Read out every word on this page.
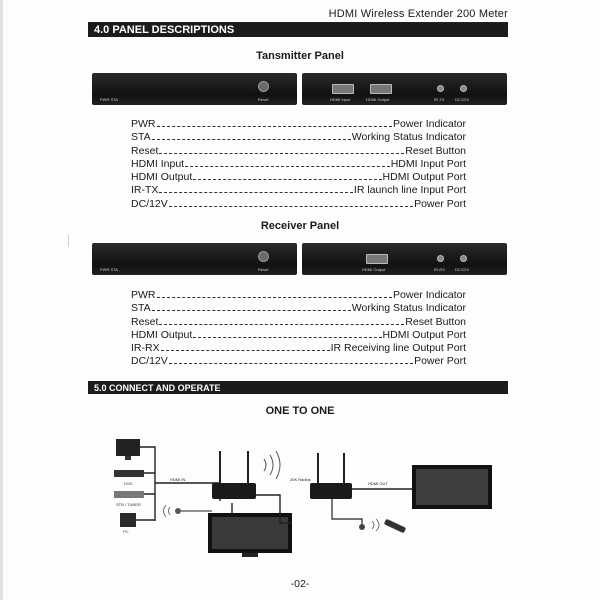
HDMI Wireless Extender 200 Meter
4.0 PANEL DESCRIPTIONS
Tansmitter Panel
PWR STA	Reset	HDMI Input	HDMI Output	IR-TX	DC/12V
PWR	Power Indicator
STA	Working Status Indicator
Reset	Reset Button
HDMI Input	HDMI Input Port
HDMI Output	HDMI Output Port
IR-TX	IR launch line Input Port
DC/12V	Power Port
Receiver Panel
PWR STA	Reset	HDMI Output	IR-RX	DC/12V
PWR	Power Indicator
STA	Working Status Indicator
Reset	Reset Button
HDMI Output	HDMI Output Port
IR-RX	IR Receiving line Output Port
DC/12V	Power Port
5.0 CONNECT AND OPERATE
ONE TO ONE
DVD
STB / TUNER
PC
HDMI IN	20K Radius
HDMI OUT
-02-
